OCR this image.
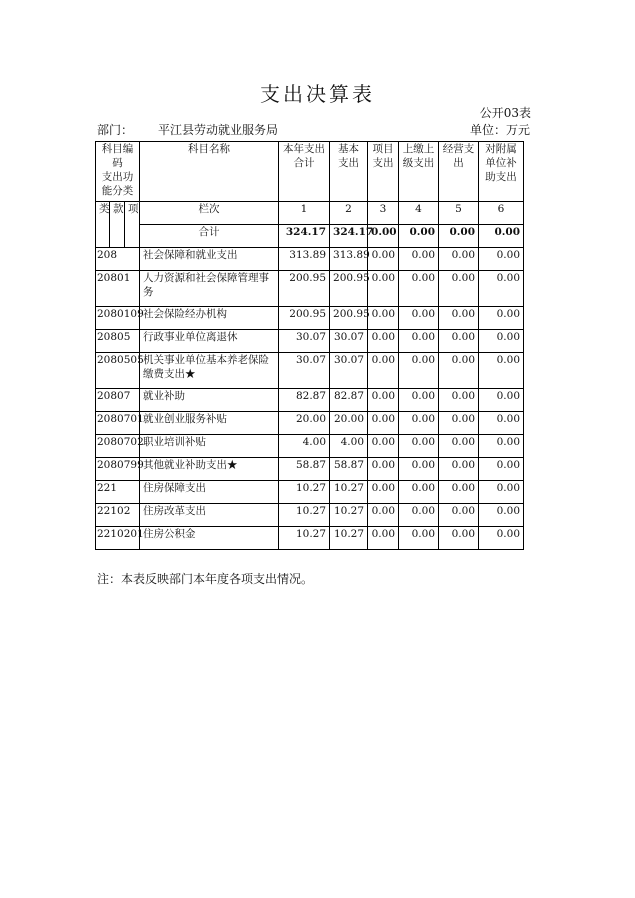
支出决算表
公开03表
部门： 平江县劳动就业服务局	单位：万元
科目编码
支出功能分类			科目名称	本年支出合计	基本支出	项目支出	上缴上级支出	经营支出	对附属单位补助支出
类	款	项	栏次	1	2	3	4	5	6
			合计	324.17	324.17	0.00	0.00	0.00	0.00
208			社会保障和就业支出	313.89	313.89	0.00	0.00	0.00	0.00
20801			人力资源和社会保障管理事务	200.95	200.95	0.00	0.00	0.00	0.00
2080109			社会保险经办机构	200.95	200.95	0.00	0.00	0.00	0.00
20805			行政事业单位离退休	30.07	30.07	0.00	0.00	0.00	0.00
2080505			机关事业单位基本养老保险缴费支出★	30.07	30.07	0.00	0.00	0.00	0.00
20807			就业补助	82.87	82.87	0.00	0.00	0.00	0.00
2080701			就业创业服务补贴	20.00	20.00	0.00	0.00	0.00	0.00
2080702			职业培训补贴	4.00	4.00	0.00	0.00	0.00	0.00
2080799			其他就业补助支出★	58.87	58.87	0.00	0.00	0.00	0.00
221			住房保障支出	10.27	10.27	0.00	0.00	0.00	0.00
22102			住房改革支出	10.27	10.27	0.00	0.00	0.00	0.00
2210201			住房公积金	10.27	10.27	0.00	0.00	0.00	0.00
注：本表反映部门本年度各项支出情况。
